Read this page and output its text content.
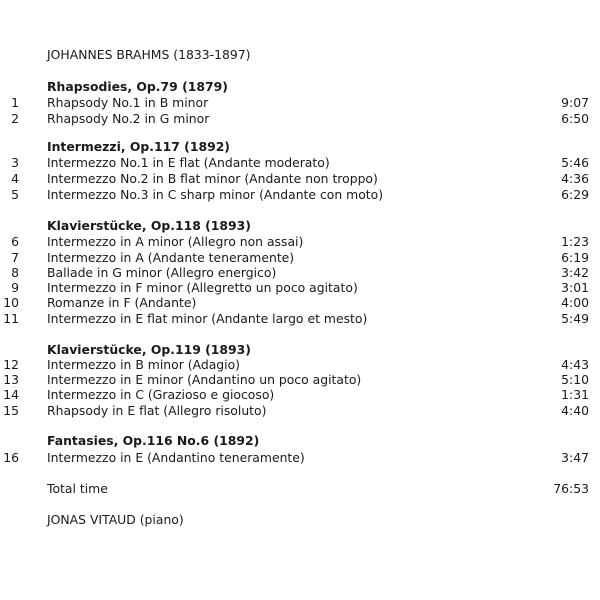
JOHANNES BRAHMS (1833-1897)
Rhapsodies, Op.79 (1879)
1 Rhapsody No.1 in B minor	9:07
2 Rhapsody No.2 in G minor	6:50
Intermezzi, Op.117 (1892)
3 Intermezzo No.1 in E flat (Andante moderato)	5:46
4 Intermezzo No.2 in B flat minor (Andante non troppo)	4:36
5 Intermezzo No.3 in C sharp minor (Andante con moto)	6:29
Klavierstücke, Op.118 (1893)
6 Intermezzo in A minor (Allegro non assai)	1:23
7 Intermezzo in A (Andante teneramente)	6:19
8 Ballade in G minor (Allegro energico)	3:42
9 Intermezzo in F minor (Allegretto un poco agitato)	3:01
10 Romanze in F (Andante)	4:00
11 Intermezzo in E flat minor (Andante largo et mesto)	5:49
Klavierstücke, Op.119 (1893)
12 Intermezzo in B minor (Adagio)	4:43
13 Intermezzo in E minor (Andantino un poco agitato)	5:10
14 Intermezzo in C (Grazioso e giocoso)	1:31
15 Rhapsody in E flat (Allegro risoluto)	4:40
Fantasies, Op.116 No.6 (1892)
16 Intermezzo in E (Andantino teneramente)	3:47
Total time	76:53
JONAS VITAUD (piano)
